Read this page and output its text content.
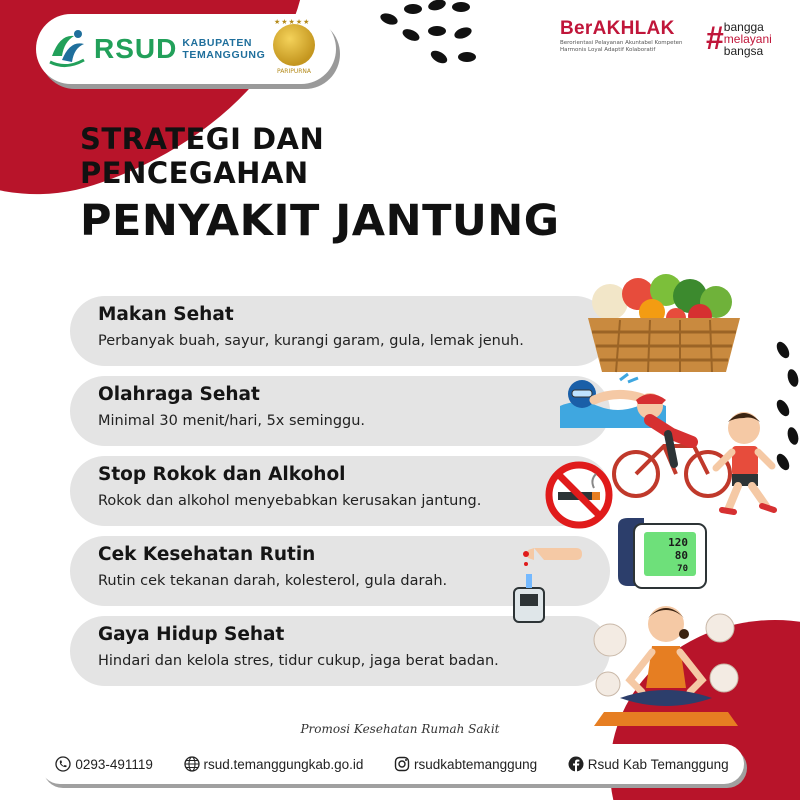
RSUD KABUPATEN
TEMANGGUNG
★★★★★
PARIPURNA
BerAKHLAK
Berorientasi Pelayanan Akuntabel Kompeten
Harmonis Loyal Adaptif Kolaboratif	# bangga
melayani
bangsa
STRATEGI DAN
PENCEGAHAN
PENYAKIT JANTUNG
Makan Sehat
Perbanyak buah, sayur, kurangi garam, gula, lemak jenuh.
Olahraga Sehat
Minimal 30 menit/hari, 5x seminggu.
Stop Rokok dan Alkohol
Rokok dan alkohol menyebabkan kerusakan jantung.
Cek Kesehatan Rutin
Rutin cek tekanan darah, kolesterol, gula darah.
Gaya Hidup Sehat
Hindari dan kelola stres, tidur cukup, jaga berat badan.
120
80
70
Promosi Kesehatan Rumah Sakit
0293-491119	rsud.temanggungkab.go.id	rsudkabtemanggung	Rsud Kab Temanggung
